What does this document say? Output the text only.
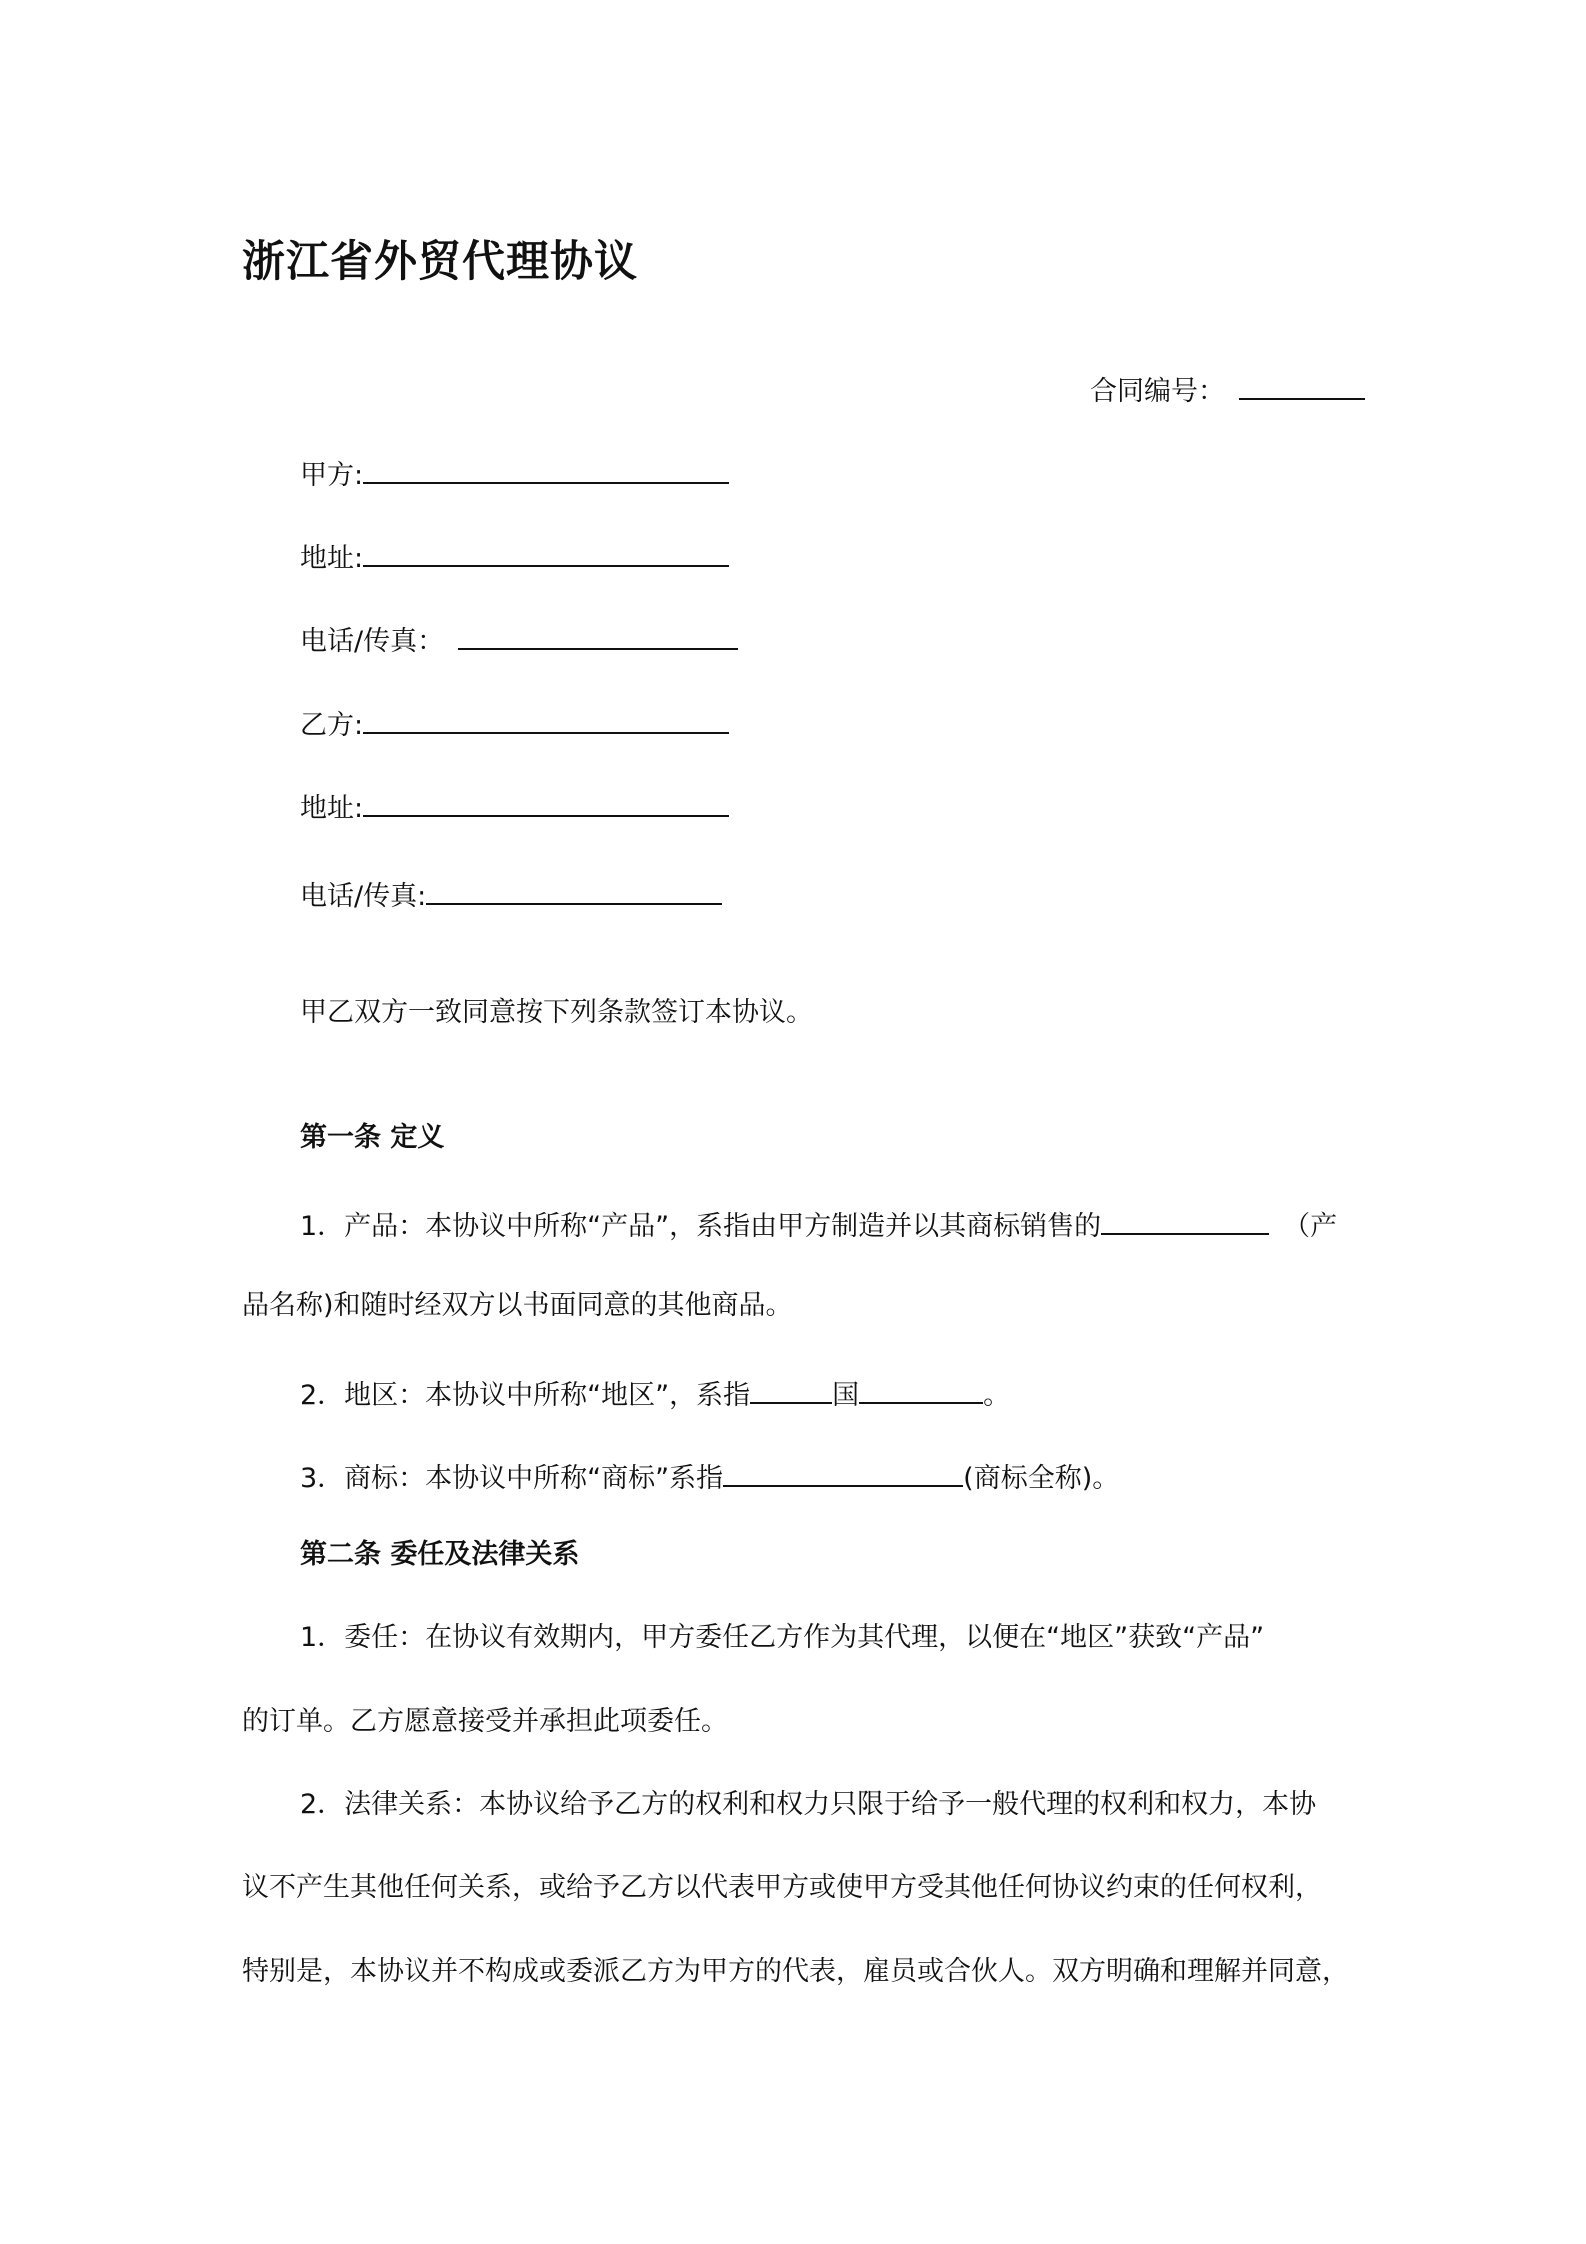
浙江省外贸代理协议
合同编号：
甲方:
地址:
电话/传真：
乙方:
地址:
电话/传真:
甲乙双方一致同意按下列条款签订本协议。
第一条 定义
1．产品：本协议中所称“产品”，系指由甲方制造并以其商标销售的	（产
品名称)和随时经双方以书面同意的其他商品。
2．地区：本协议中所称“地区”，系指	国	。
3．商标：本协议中所称“商标”系指	(商标全称)。
第二条 委任及法律关系
1．委任：在协议有效期内，甲方委任乙方作为其代理，以便在“地区”获致“产品”
的订单。乙方愿意接受并承担此项委任。
2．法律关系：本协议给予乙方的权利和权力只限于给予一般代理的权利和权力，本协
议不产生其他任何关系，或给予乙方以代表甲方或使甲方受其他任何协议约束的任何权利，
特别是，本协议并不构成或委派乙方为甲方的代表，雇员或合伙人。双方明确和理解并同意，
